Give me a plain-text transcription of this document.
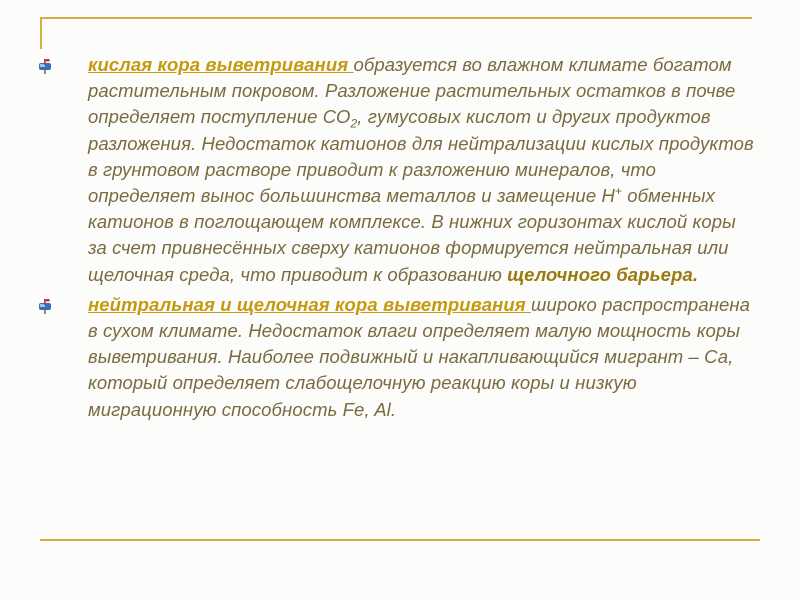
кислая кора выветривания образуется во влажном климате богатом растительным покровом. Разложение растительных остатков в почве определяет поступление $СО_2$, гумусовых кислот и других продуктов разложения. Недостаток катионов для нейтрализации кислых продуктов в грунтовом растворе приводит к разложению минералов, что определяет вынос большинства металлов и замещение Н+ обменных катионов в поглощающем комплексе. В нижних горизонтах кислой коры за счет привнесённых сверху катионов формируется нейтральная или щелочная среда, что приводит к образованию щелочного барьера.
нейтральная и щелочная кора выветривания широко распространена в сухом климате. Недостаток влаги определяет малую мощность коры выветривания. Наиболее подвижный и накапливающийся мигрант – Са, который определяет слабощелочную реакцию коры и низкую миграционную способность Fe, Al.
